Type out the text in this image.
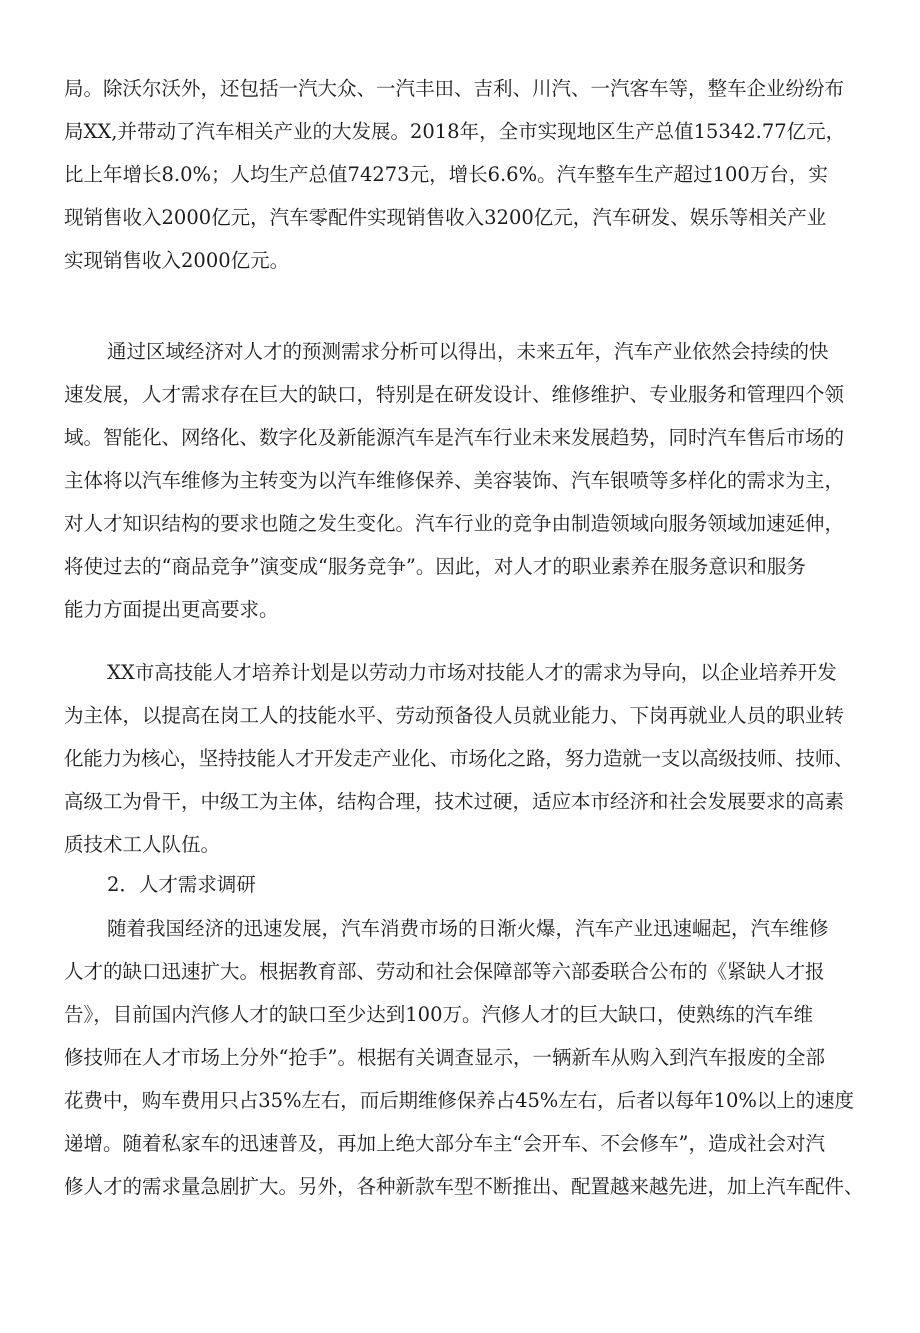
局。除沃尔沃外，还包括一汽大众、一汽丰田、吉利、川汽、一汽客车等，整车企业纷纷布
局XX,并带动了汽车相关产业的大发展。2018年，全市实现地区生产总值15342.77亿元，
比上年增长8.0%；人均生产总值74273元，增长6.6%。汽车整车生产超过100万台，实
现销售收入2000亿元，汽车零配件实现销售收入3200亿元，汽车研发、娱乐等相关产业
实现销售收入2000亿元。
通过区域经济对人才的预测需求分析可以得出，未来五年，汽车产业依然会持续的快
速发展，人才需求存在巨大的缺口，特别是在研发设计、维修维护、专业服务和管理四个领
域。智能化、网络化、数字化及新能源汽车是汽车行业未来发展趋势，同时汽车售后市场的
主体将以汽车维修为主转变为以汽车维修保养、美容装饰、汽车银喷等多样化的需求为主，
对人才知识结构的要求也随之发生变化。汽车行业的竞争由制造领域向服务领域加速延伸，
将使过去的“商品竞争”演变成“服务竞争”。因此，对人才的职业素养在服务意识和服务
能力方面提出更高要求。
XX市高技能人才培养计划是以劳动力市场对技能人才的需求为导向，以企业培养开发
为主体，以提高在岗工人的技能水平、劳动预备役人员就业能力、下岗再就业人员的职业转
化能力为核心，坚持技能人才开发走产业化、市场化之路，努力造就一支以高级技师、技师、
高级工为骨干，中级工为主体，结构合理，技术过硬，适应本市经济和社会发展要求的高素
质技术工人队伍。
2．人才需求调研
随着我国经济的迅速发展，汽车消费市场的日渐火爆，汽车产业迅速崛起，汽车维修
人才的缺口迅速扩大。根据教育部、劳动和社会保障部等六部委联合公布的《紧缺人才报
告》，目前国内汽修人才的缺口至少达到100万。汽修人才的巨大缺口，使熟练的汽车维
修技师在人才市场上分外“抢手”。根据有关调查显示，一辆新车从购入到汽车报废的全部
花费中，购车费用只占35%左右，而后期维修保养占45%左右，后者以每年10%以上的速度
递增。随着私家车的迅速普及，再加上绝大部分车主“会开车、不会修车”，造成社会对汽
修人才的需求量急剧扩大。另外，各种新款车型不断推出、配置越来越先进，加上汽车配件、
